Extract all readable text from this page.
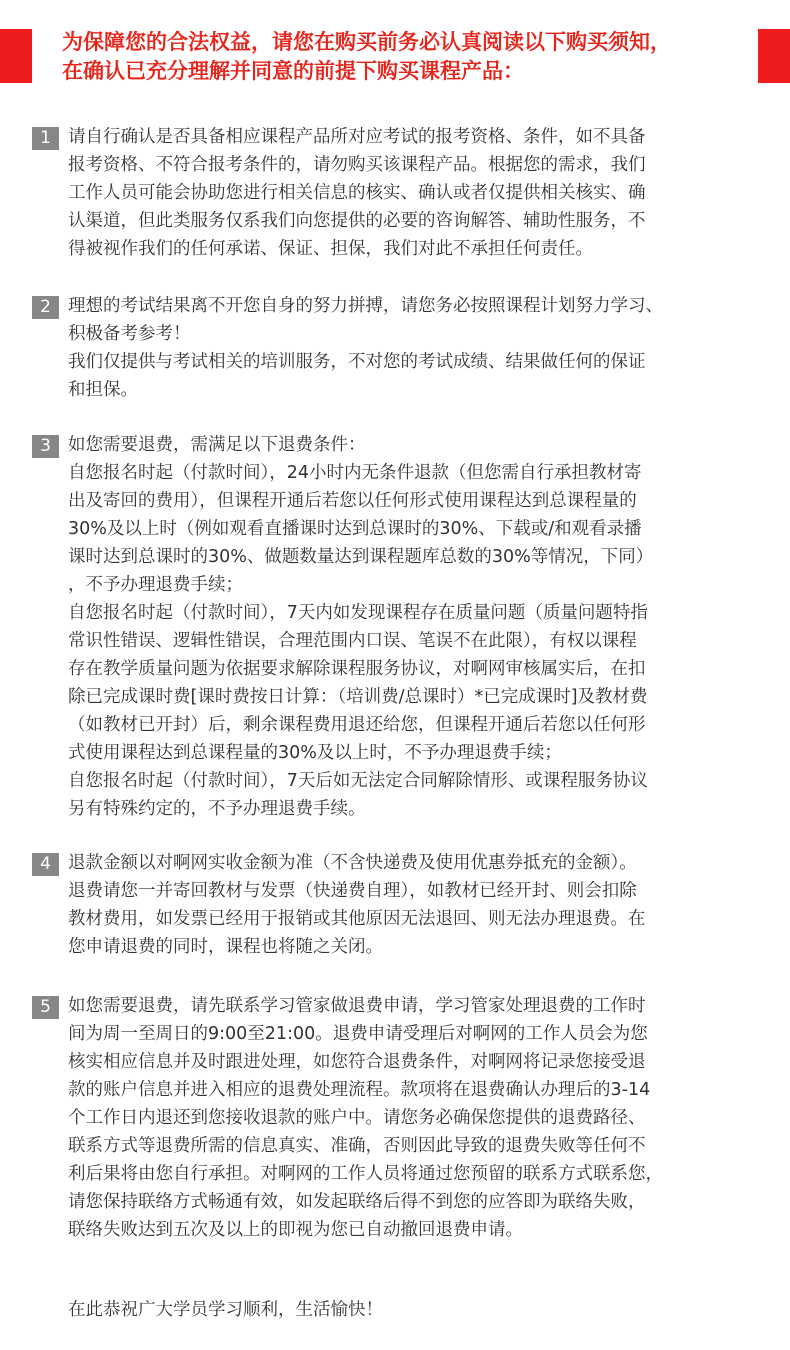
为保障您的合法权益，请您在购买前务必认真阅读以下购买须知，
在确认已充分理解并同意的前提下购买课程产品：
1 请自行确认是否具备相应课程产品所对应考试的报考资格、条件，如不具备
报考资格、不符合报考条件的，请勿购买该课程产品。根据您的需求，我们
工作人员可能会协助您进行相关信息的核实、确认或者仅提供相关核实、确
认渠道，但此类服务仅系我们向您提供的必要的咨询解答、辅助性服务，不
得被视作我们的任何承诺、保证、担保，我们对此不承担任何责任。
2 理想的考试结果离不开您自身的努力拼搏，请您务必按照课程计划努力学习、
积极备考参考！
我们仅提供与考试相关的培训服务，不对您的考试成绩、结果做任何的保证
和担保。
3 如您需要退费，需满足以下退费条件：
自您报名时起（付款时间），24小时内无条件退款（但您需自行承担教材寄
出及寄回的费用），但课程开通后若您以任何形式使用课程达到总课程量的
30%及以上时（例如观看直播课时达到总课时的30%、下载或/和观看录播
课时达到总课时的30%、做题数量达到课程题库总数的30%等情况，下同）
，不予办理退费手续；
自您报名时起（付款时间），7天内如发现课程存在质量问题（质量问题特指
常识性错误、逻辑性错误，合理范围内口误、笔误不在此限），有权以课程
存在教学质量问题为依据要求解除课程服务协议，对啊网审核属实后，在扣
除已完成课时费[课时费按日计算：（培训费/总课时）*已完成课时]及教材费
（如教材已开封）后，剩余课程费用退还给您，但课程开通后若您以任何形
式使用课程达到总课程量的30%及以上时，不予办理退费手续；
自您报名时起（付款时间），7天后如无法定合同解除情形、或课程服务协议
另有特殊约定的，不予办理退费手续。
4 退款金额以对啊网实收金额为准（不含快递费及使用优惠券抵充的金额）。
退费请您一并寄回教材与发票（快递费自理），如教材已经开封、则会扣除
教材费用，如发票已经用于报销或其他原因无法退回、则无法办理退费。在
您申请退费的同时，课程也将随之关闭。
5 如您需要退费，请先联系学习管家做退费申请，学习管家处理退费的工作时
间为周一至周日的9:00至21:00。退费申请受理后对啊网的工作人员会为您
核实相应信息并及时跟进处理，如您符合退费条件，对啊网将记录您接受退
款的账户信息并进入相应的退费处理流程。款项将在退费确认办理后的3-14
个工作日内退还到您接收退款的账户中。请您务必确保您提供的退费路径、
联系方式等退费所需的信息真实、准确，否则因此导致的退费失败等任何不
利后果将由您自行承担。对啊网的工作人员将通过您预留的联系方式联系您，
请您保持联络方式畅通有效，如发起联络后得不到您的应答即为联络失败，
联络失败达到五次及以上的即视为您已自动撤回退费申请。
在此恭祝广大学员学习顺利，生活愉快！
